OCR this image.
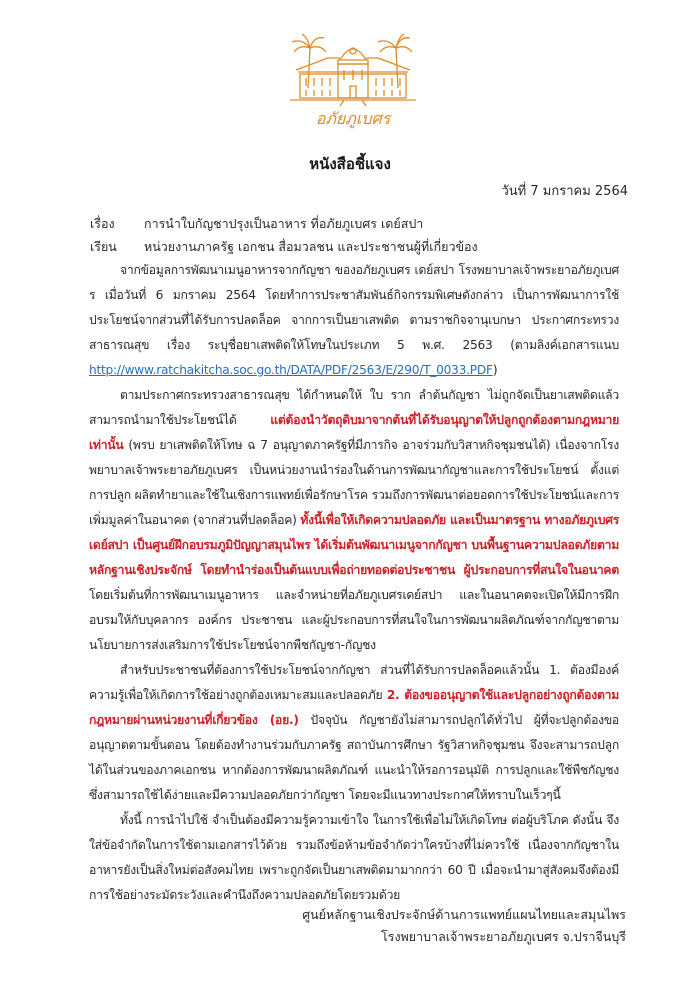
อภัยภูเบศร
หนังสือชี้แจง
วันที่ 7 มกราคม 2564
เรื่อง	การนำใบกัญชาปรุงเป็นอาหาร ที่อภัยภูเบศร เดย์สปา
เรียน	หน่วยงานภาครัฐ เอกชน สื่อมวลชน และประชาชนผู้ที่เกี่ยวข้อง

จากข้อมูลการพัฒนาเมนูอาหารจากกัญชา ของอภัยภูเบศร เดย์สปา โรงพยาบาลเจ้าพระยาอภัยภูเบศร เมื่อวันที่ 6 มกราคม 2564 โดยทำการประชาสัมพันธ์กิจกรรมพิเศษดังกล่าว เป็นการพัฒนาการใช้ประโยชน์จากส่วนที่ได้รับการปลดล็อค จากการเป็นยาเสพติด ตามราชกิจจานุเบกษา ประกาศกระทรวงสาธารณสุข เรื่อง ระบุชื่อยาเสพติดให้โทษในประเภท 5 พ.ศ. 2563 (ตามลิงค์เอกสารแนบ http://www.ratchakitcha.soc.go.th/DATA/PDF/2563/E/290/T_0033.PDF)

ตามประกาศกระทรวงสาธารณสุข ได้กำหนดให้ ใบ ราก ลำต้นกัญชา ไม่ถูกจัดเป็นยาเสพติดแล้ว สามารถนำมาใช้ประโยชน์ได้ แต่ต้องนำวัตถุดิบมาจากต้นที่ได้รับอนุญาตให้ปลูกถูกต้องตามกฎหมายเท่านั้น (พรบ ยาเสพติดให้โทษ ฉ 7 อนุญาตภาครัฐที่มีภารกิจ อาจร่วมกับวิสาหกิจชุมชนได้) เนื่องจากโรงพยาบาลเจ้าพระยาอภัยภูเบศร เป็นหน่วยงานนำร่องในด้านการพัฒนากัญชาและการใช้ประโยชน์ ตั้งแต่การปลูก ผลิตทำยาและใช้ในเชิงการแพทย์เพื่อรักษาโรค รวมถึงการพัฒนาต่อยอดการใช้ประโยชน์และการเพิ่มมูลค่าในอนาคต (จากส่วนที่ปลดล็อค) ทั้งนี้เพื่อให้เกิดความปลอดภัย และเป็นมาตรฐาน ทางอภัยภูเบศรเดย์สปา เป็นศูนย์ฝึกอบรมภูมิปัญญาสมุนไพร ได้เริ่มต้นพัฒนาเมนูจากกัญชา บนพื้นฐานความปลอดภัยตามหลักฐานเชิงประจักษ์ โดยทำนำร่องเป็นต้นแบบเพื่อถ่ายทอดต่อประชาชน ผู้ประกอบการที่สนใจในอนาคต โดยเริ่มต้นที่การพัฒนาเมนูอาหาร และจำหน่ายที่อภัยภูเบศรเดย์สปา และในอนาคตจะเปิดให้มีการฝึกอบรมให้กับบุคลากร องค์กร ประชาชน และผู้ประกอบการที่สนใจในการพัฒนาผลิตภัณฑ์จากกัญชาตามนโยบายการส่งเสริมการใช้ประโยชน์จากพืชกัญชา-กัญชง

สำหรับประชาชนที่ต้องการใช้ประโยชน์จากกัญชา ส่วนที่ได้รับการปลดล็อคแล้วนั้น 1. ต้องมีองค์ความรู้เพื่อให้เกิดการใช้อย่างถูกต้องเหมาะสมและปลอดภัย 2. ต้องขออนุญาตใช้และปลูกอย่างถูกต้องตามกฎหมายผ่านหน่วยงานที่เกี่ยวข้อง (อย.) ปัจจุบัน กัญชายังไม่สามารถปลูกได้ทั่วไป ผู้ที่จะปลูกต้องขออนุญาตตามขั้นตอน โดยต้องทำงานร่วมกับภาครัฐ สถาบันการศึกษา รัฐวิสาหกิจชุมชน จึงจะสามารถปลูกได้ในส่วนของภาคเอกชน หากต้องการพัฒนาผลิตภัณฑ์ แนะนำให้รอการอนุมัติ การปลูกและใช้พืชกัญชง ซึ่งสามารถใช้ได้ง่ายและมีความปลอดภัยกว่ากัญชา โดยจะมีแนวทางประกาศให้ทราบในเร็วๆนี้

ทั้งนี้ การนำไปใช้ จำเป็นต้องมีความรู้ความเข้าใจ ในการใช้เพื่อไม่ให้เกิดโทษ ต่อผู้บริโภค ดังนั้น จึงใส่ข้อจำกัดในการใช้ตามเอกสารไว้ด้วย รวมถึงข้อห้ามข้อจำกัดว่าใครบ้างที่ไม่ควรใช้ เนื่องจากกัญชาในอาหารยังเป็นสิ่งใหม่ต่อสังคมไทย เพราะถูกจัดเป็นยาเสพติดมามากกว่า 60 ปี เมื่อจะนำมาสู่สังคมจึงต้องมีการใช้อย่างระมัดระวังและคำนึงถึงความปลอดภัยโดยรวมด้วย

ศูนย์หลักฐานเชิงประจักษ์ด้านการแพทย์แผนไทยและสมุนไพร
โรงพยาบาลเจ้าพระยาอภัยภูเบศร จ.ปราจีนบุรี
